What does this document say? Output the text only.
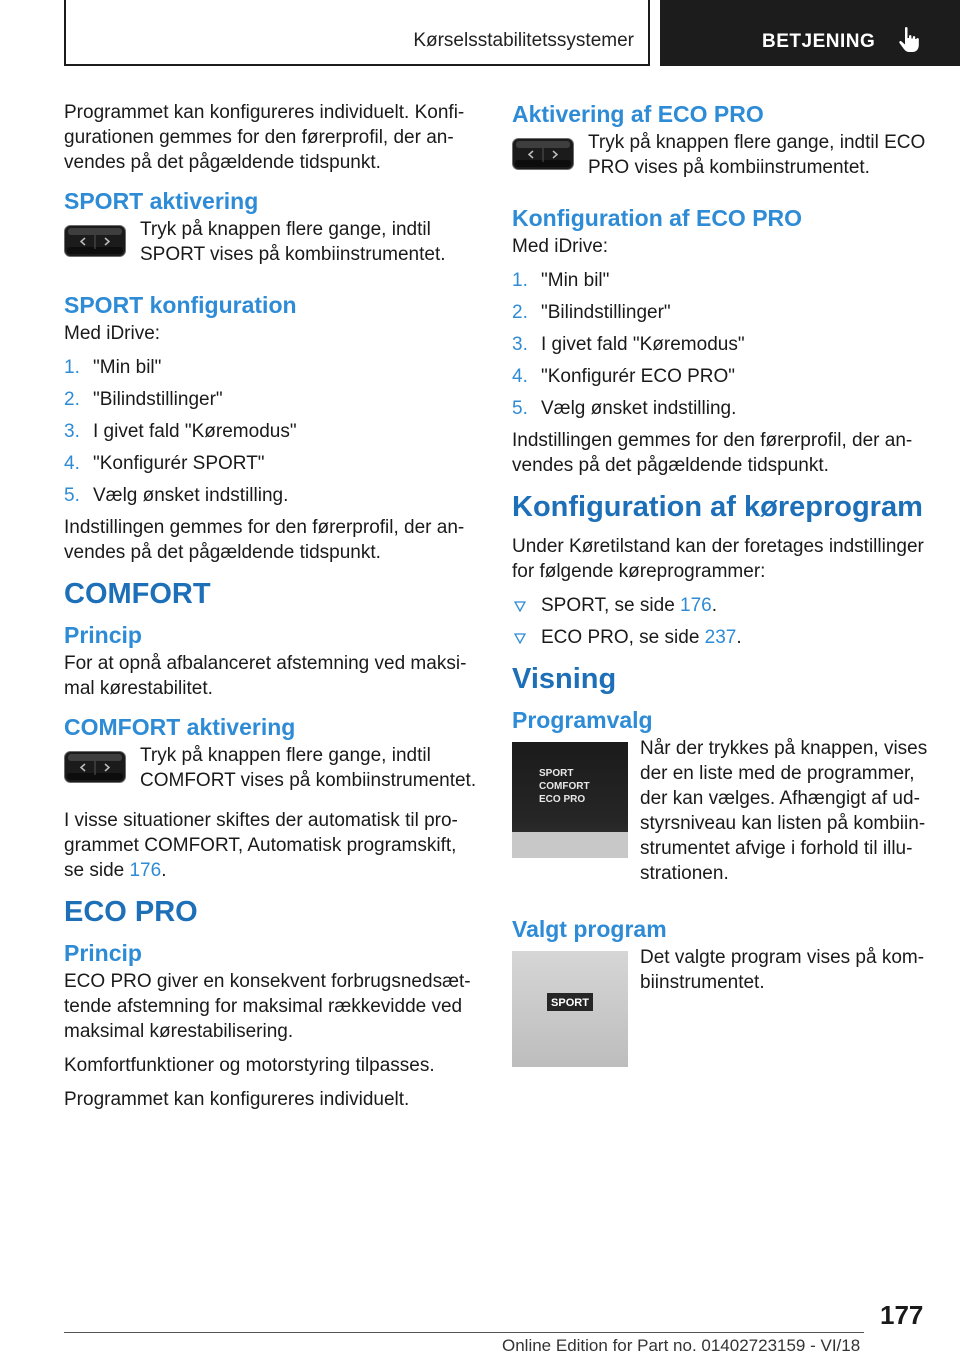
Kørselsstabilitetssystemer	BETJENING

Programmet kan konfigureres individuelt. Konfigurationen gemmes for den førerprofil, der anvendes på det pågældende tidspunkt.

SPORT aktivering

Tryk på knappen flere gange, indtil SPORT vises på kombiinstrumentet.

SPORT konfiguration

Med iDrive:

1. "Min bil"
2. "Bilindstillinger"
3. I givet fald "Køremodus"
4. "Konfigurér SPORT"
5. Vælg ønsket indstilling.

Indstillingen gemmes for den førerprofil, der anvendes på det pågældende tidspunkt.

COMFORT
Princip

For at opnå afbalanceret afstemning ved maksimal kørestabilitet.

COMFORT aktivering

Tryk på knappen flere gange, indtil COMFORT vises på kombiinstrumentet.

I visse situationer skiftes der automatisk til programmet COMFORT, Automatisk programskift, se side 176.

ECO PRO
Princip

ECO PRO giver en konsekvent forbrugsnedsættende afstemning for maksimal rækkevidde ved maksimal kørestabilisering.

Komfortfunktioner og motorstyring tilpasses.

Programmet kan konfigureres individuelt.

Aktivering af ECO PRO

Tryk på knappen flere gange, indtil ECO PRO vises på kombiinstrumentet.

Konfiguration af ECO PRO

Med iDrive:

1. "Min bil"
2. "Bilindstillinger"
3. I givet fald "Køremodus"
4. "Konfigurér ECO PRO"
5. Vælg ønsket indstilling.

Indstillingen gemmes for den førerprofil, der anvendes på det pågældende tidspunkt.

Konfiguration af køreprogram

Under Køretilstand kan der foretages indstillinger for følgende køreprogrammer:

SPORT, se side 176.
ECO PRO, se side 237.
Visning
Programvalg
SPORT
COMFORT
ECO PRO

Når der trykkes på knappen, vises der en liste med de programmer, der kan vælges. Afhængigt af udstyrsniveau kan listen på kombiinstrumentet afvige i forhold til illustrationen.

Valgt program
SPORT

Det valgte program vises på kombiinstrumentet.

177
Online Edition for Part no. 01402723159 - VI/18
